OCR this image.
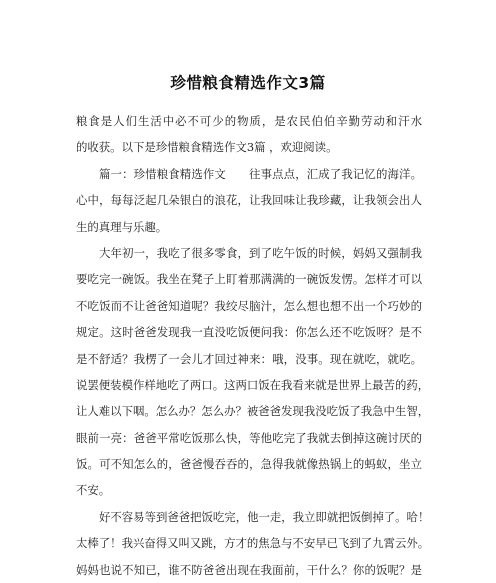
珍惜粮食精选作文3篇
粮食是人们生活中必不可少的物质，是农民伯伯辛勤劳动和汗水
的收获。以下是珍惜粮食精选作文3篇 ，欢迎阅读。
篇一：珍惜粮食精选作文　　往事点点，汇成了我记忆的海洋。
心中，每每泛起几朵银白的浪花，让我回味让我珍藏，让我领会出人
生的真理与乐趣。
大年初一，我吃了很多零食，到了吃午饭的时候，妈妈又强制我
要吃完一碗饭。我坐在凳子上盯着那满满的一碗饭发愣。怎样才可以
不吃饭而不让爸爸知道呢？我绞尽脑汁，怎么想也想不出一个巧妙的
规定。这时爸爸发现我一直没吃饭便问我：你怎么还不吃饭呀？是不
是不舒适？我楞了一会儿才回过神来：哦，没事。现在就吃，就吃。
说罢便装模作样地吃了两口。这两口饭在我看来就是世界上最苦的药，
让人难以下咽。怎么办？怎么办？被爸爸发现我没吃饭了我急中生智，
眼前一亮：爸爸平常吃饭那么快，等他吃完了我就去倒掉这碗讨厌的
饭。可不知怎么的，爸爸慢吞吞的，急得我就像热锅上的蚂蚁，坐立
不安。
好不容易等到爸爸把饭吃完，他一走，我立即就把饭倒掉了。哈！
太棒了！我兴奋得又叫又跳，方才的焦急与不安早已飞到了九霄云外。
妈妈也说不知已，谁不防爸爸出现在我面前，干什么？你的饭呢？是
